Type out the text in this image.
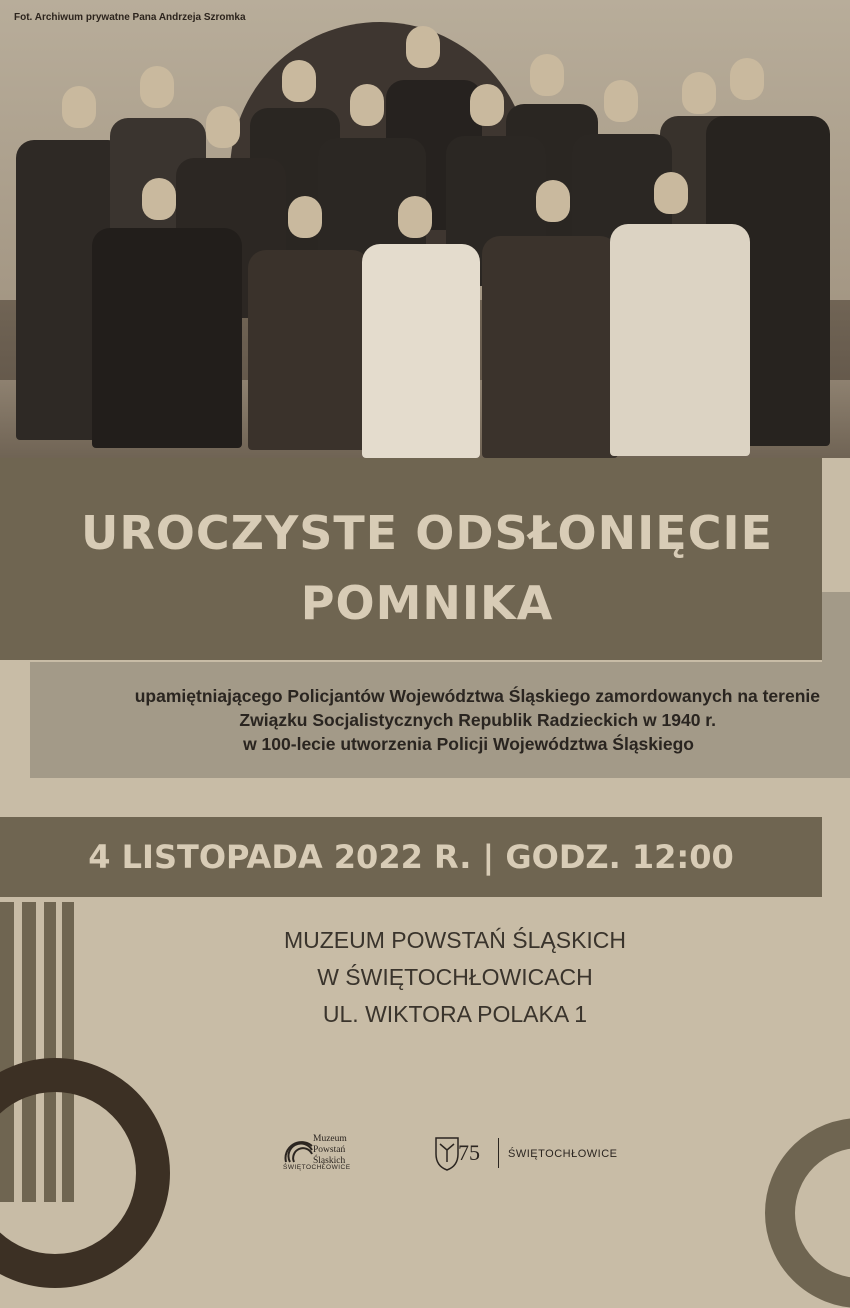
Fot. Archiwum prywatne Pana Andrzeja Szromka
UROCZYSTE ODSŁONIĘCIE
POMNIKA
upamiętniającego Policjantów Województwa Śląskiego zamordowanych na terenie
Związku Socjalistycznych Republik Radzieckich w 1940 r.
w 100-lecie utworzenia Policji Województwa Śląskiego
4 LISTOPADA 2022 R. | GODZ. 12:00
MUZEUM POWSTAŃ ŚLĄSKICH
W ŚWIĘTOCHŁOWICACH
UL. WIKTORA POLAKA 1
Muzeum
Powstań
Śląskich
ŚWIĘTOCHŁOWICE
75	ŚWIĘTOCHŁOWICE
